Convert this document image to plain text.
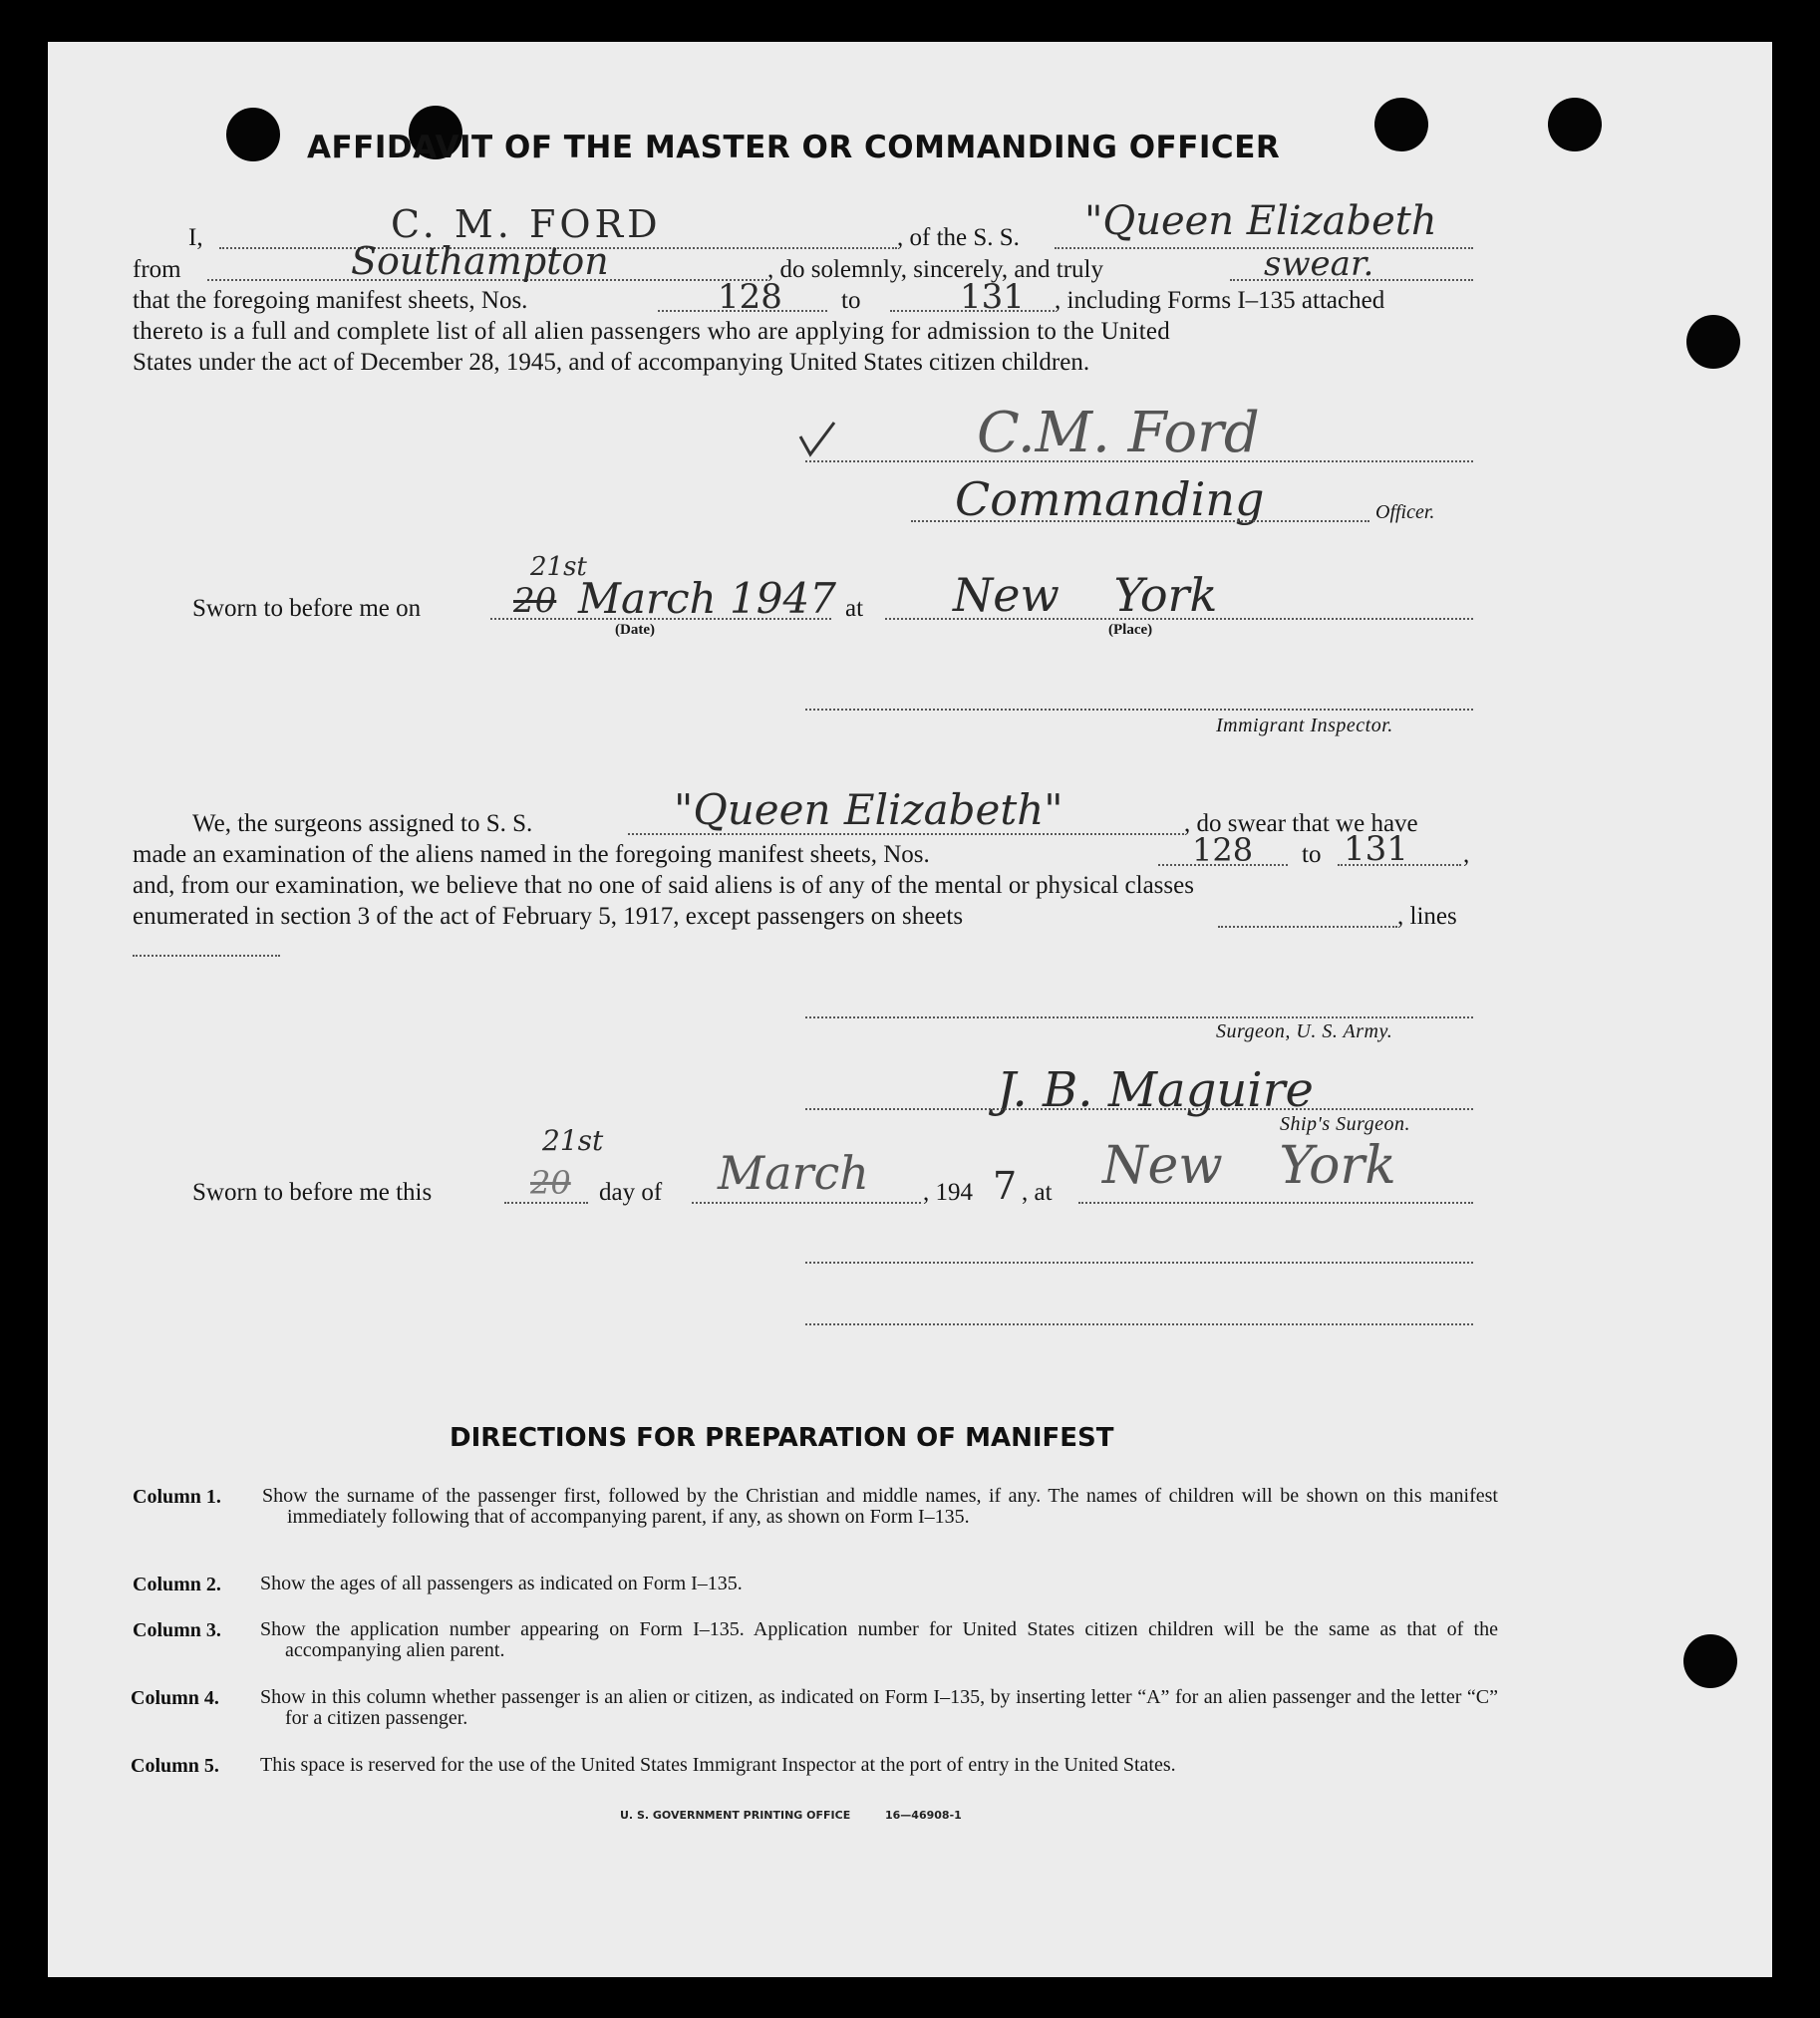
AFFIDAVIT OF THE MASTER OR COMMANDING OFFICER
I,	C. M. FORD	, of the S. S. "Queen Elizabeth
from	Southampton	, do solemnly, sincerely, and truly	swear.
that the foregoing manifest sheets, Nos.	128 to	131 , including Forms I–135 attached
thereto is a full and complete list of all alien passengers who are applying for admission to the United
States under the act of December 28, 1945, and of accompanying United States citizen children.
C.M. Ford
Commanding	Officer.
Sworn to before me on
21st
20 March 1947 at New York
(Date)	(Place)
Immigrant Inspector.
We, the surgeons assigned to S. S.	"Queen Elizabeth"	, do swear that we have
made an examination of the aliens named in the foregoing manifest sheets, Nos.	128 to 131 ,
and, from our examination, we believe that no one of said aliens is of any of the mental or physical classes
enumerated in section 3 of the act of February 5, 1917, except passengers on sheets	, lines
Surgeon, U. S. Army.
J. B. Maguire
Ship's Surgeon.
Sworn to before me this
21st
20 day of March , 194 7 , at New York
DIRECTIONS FOR PREPARATION OF MANIFEST
Column 1. Show the surname of the passenger first, followed by the Christian and middle names, if any. The names of children will be shown on this manifest immediately following that of accompanying parent, if any, as shown on Form I–135.
Column 2. Show the ages of all passengers as indicated on Form I–135.
Column 3. Show the application number appearing on Form I–135. Application number for United States citizen children will be the same as that of the accompanying alien parent.
Column 4. Show in this column whether passenger is an alien or citizen, as indicated on Form I–135, by inserting letter “A” for an alien passenger and the letter “C” for a citizen passenger.
Column 5. This space is reserved for the use of the United States Immigrant Inspector at the port of entry in the United States.
U. S. GOVERNMENT PRINTING OFFICE	16—46908-1
